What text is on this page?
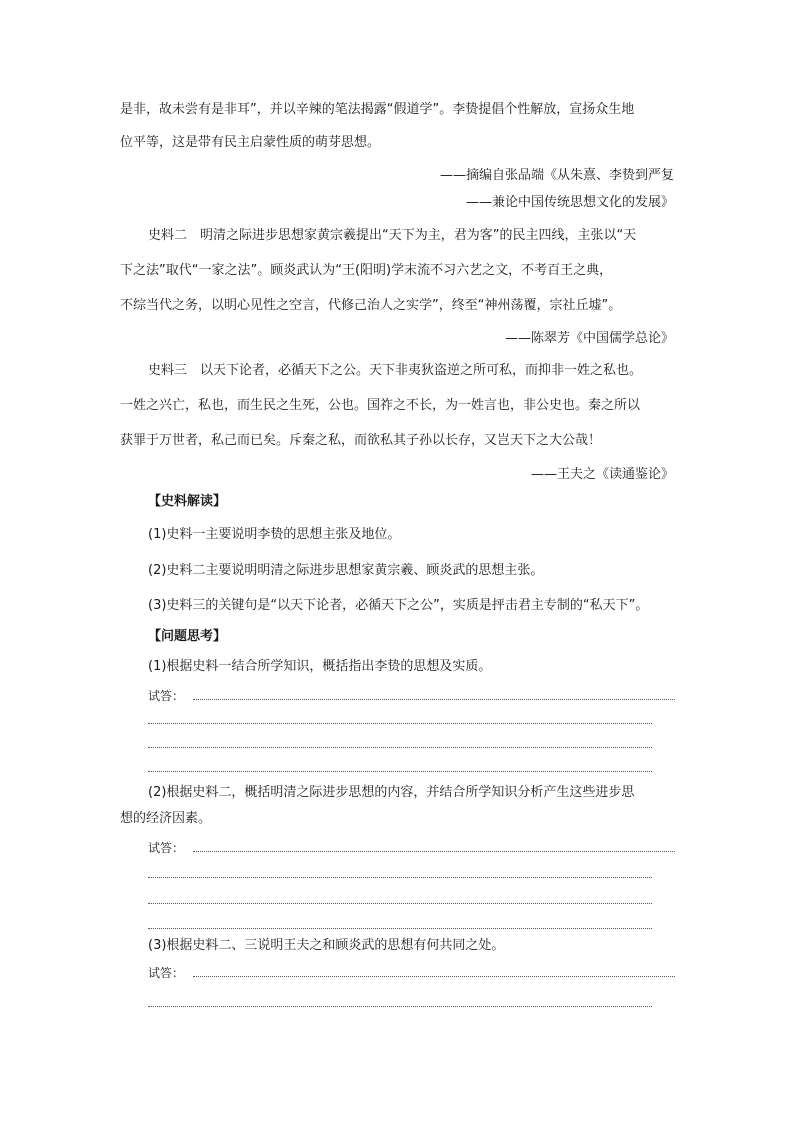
是非，故未尝有是非耳”，并以辛辣的笔法揭露“假道学”。李贽提倡个性解放，宣扬众生地
位平等，这是带有民主启蒙性质的萌芽思想。
——摘编自张品端《从朱熹、李贽到严复
——兼论中国传统思想文化的发展》
史料二　明清之际进步思想家黄宗羲提出“天下为主，君为客”的民主四线，主张以“天
下之法”取代“一家之法”。顾炎武认为“王(阳明)学末流不习六艺之文，不考百王之典，
不综当代之务，以明心见性之空言，代修己治人之实学”，终至“神州荡覆，宗社丘墟”。
——陈翠芳《中国儒学总论》
史料三　以天下论者，必循天下之公。天下非夷狄盗逆之所可私，而抑非一姓之私也。
一姓之兴亡，私也，而生民之生死，公也。国祚之不长，为一姓言也，非公史也。秦之所以
获罪于万世者，私己而已矣。斥秦之私，而欲私其子孙以长存，又岂天下之大公哉！
——王夫之《读通鉴论》
【史料解读】
(1)史料一主要说明李贽的思想主张及地位。
(2)史料二主要说明明清之际进步思想家黄宗羲、顾炎武的思想主张。
(3)史料三的关键句是“以天下论者，必循天下之公”，实质是抨击君主专制的“私天下”。
【问题思考】
(1)根据史料一结合所学知识，概括指出李贽的思想及实质。
试答：
(2)根据史料二，概括明清之际进步思想的内容，并结合所学知识分析产生这些进步思
想的经济因素。
试答：
(3)根据史料二、三说明王夫之和顾炎武的思想有何共同之处。
试答：
